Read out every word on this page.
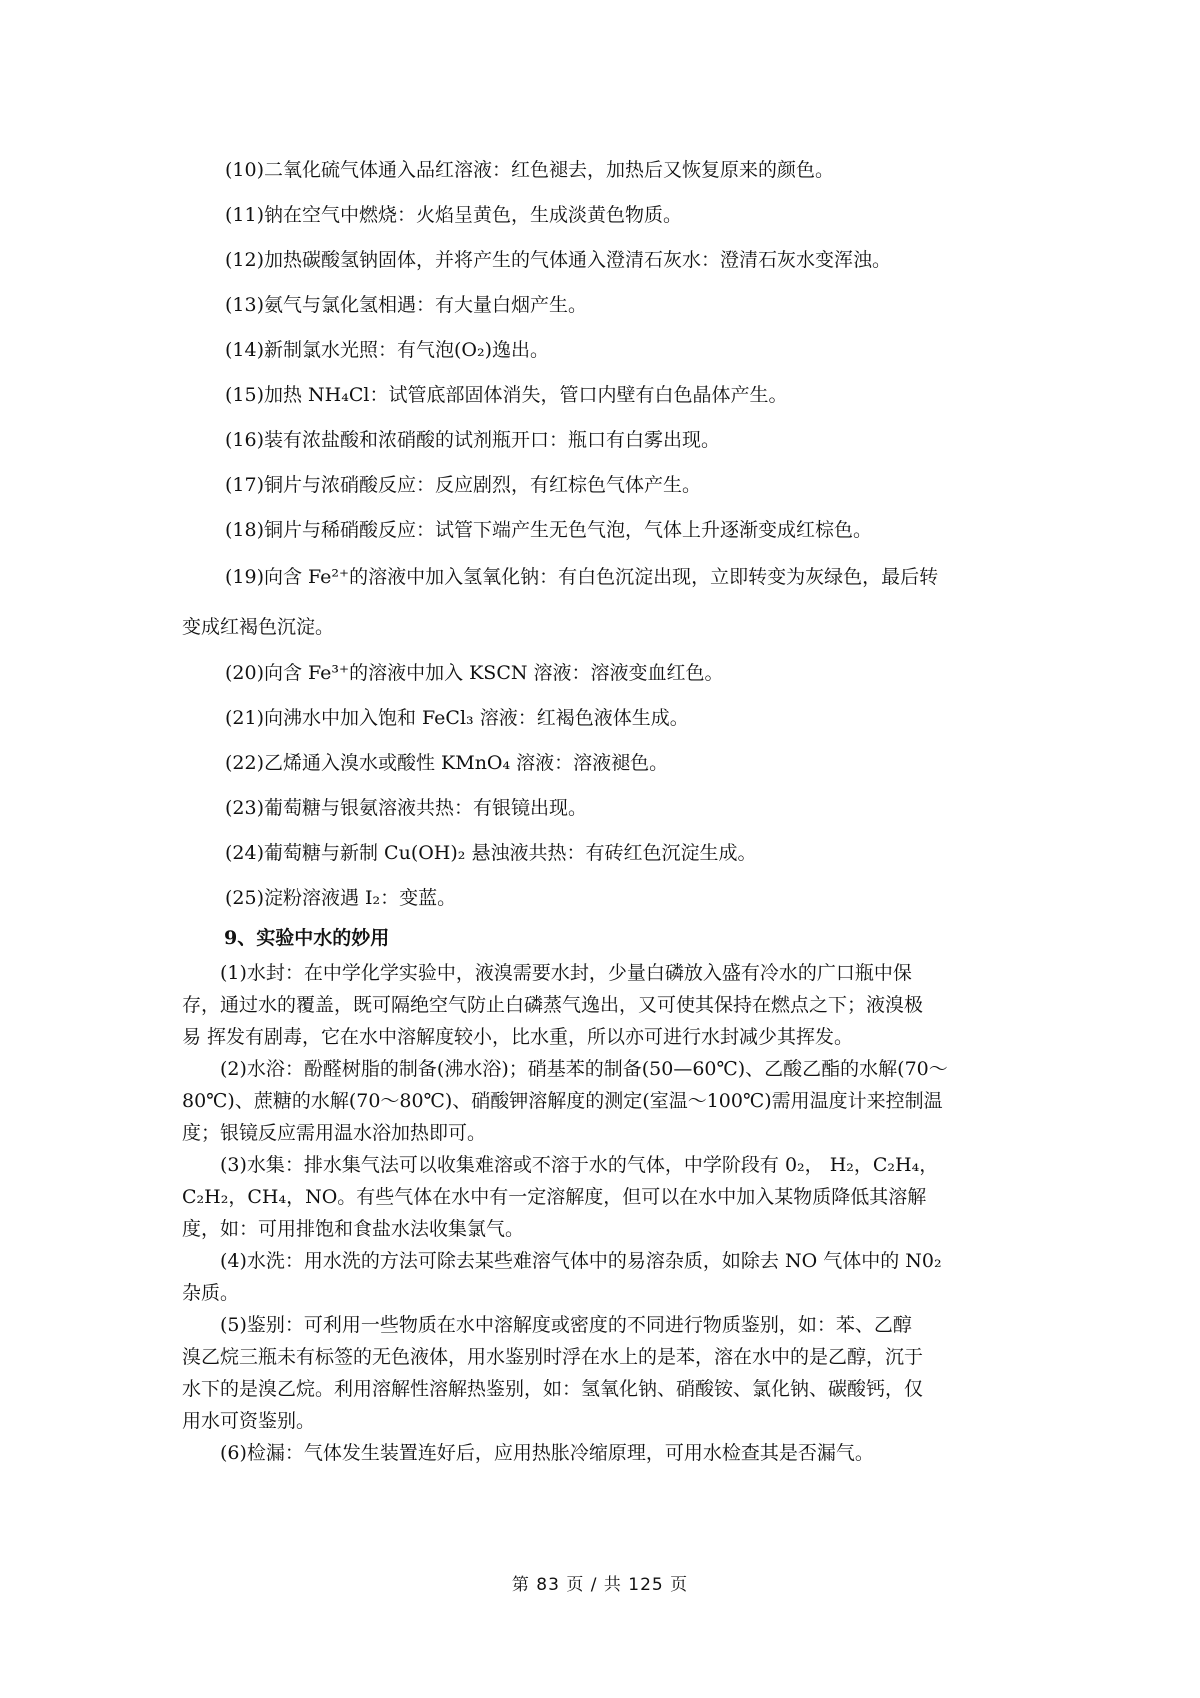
(10)二氧化硫气体通入品红溶液：红色褪去，加热后又恢复原来的颜色。
(11)钠在空气中燃烧：火焰呈黄色，生成淡黄色物质。
(12)加热碳酸氢钠固体，并将产生的气体通入澄清石灰水：澄清石灰水变浑浊。
(13)氨气与氯化氢相遇：有大量白烟产生。
(14)新制氯水光照：有气泡(O₂)逸出。
(15)加热 NH₄Cl：试管底部固体消失，管口内壁有白色晶体产生。
(16)装有浓盐酸和浓硝酸的试剂瓶开口：瓶口有白雾出现。
(17)铜片与浓硝酸反应：反应剧烈，有红棕色气体产生。
(18)铜片与稀硝酸反应：试管下端产生无色气泡，气体上升逐渐变成红棕色。
(19)向含 Fe²⁺的溶液中加入氢氧化钠：有白色沉淀出现，立即转变为灰绿色，最后转
变成红褐色沉淀。
(20)向含 Fe³⁺的溶液中加入 KSCN 溶液：溶液变血红色。
(21)向沸水中加入饱和 FeCl₃ 溶液：红褐色液体生成。
(22)乙烯通入溴水或酸性 KMnO₄ 溶液：溶液褪色。
(23)葡萄糖与银氨溶液共热：有银镜出现。
(24)葡萄糖与新制 Cu(OH)₂ 悬浊液共热：有砖红色沉淀生成。
(25)淀粉溶液遇 I₂：变蓝。
9、实验中水的妙用
(1)水封：在中学化学实验中，液溴需要水封，少量白磷放入盛有冷水的广口瓶中保
存，通过水的覆盖，既可隔绝空气防止白磷蒸气逸出，又可使其保持在燃点之下；液溴极
易 挥发有剧毒，它在水中溶解度较小，比水重，所以亦可进行水封减少其挥发。
(2)水浴：酚醛树脂的制备(沸水浴)；硝基苯的制备(50—60℃)、乙酸乙酯的水解(70～
80℃)、蔗糖的水解(70～80℃)、硝酸钾溶解度的测定(室温～100℃)需用温度计来控制温
度；银镜反应需用温水浴加热即可。
(3)水集：排水集气法可以收集难溶或不溶于水的气体，中学阶段有 0₂， H₂，C₂H₄，
C₂H₂，CH₄，NO。有些气体在水中有一定溶解度，但可以在水中加入某物质降低其溶解
度，如：可用排饱和食盐水法收集氯气。
(4)水洗：用水洗的方法可除去某些难溶气体中的易溶杂质，如除去 NO 气体中的 N0₂
杂质。
(5)鉴别：可利用一些物质在水中溶解度或密度的不同进行物质鉴别，如：苯、乙醇
溴乙烷三瓶未有标签的无色液体，用水鉴别时浮在水上的是苯，溶在水中的是乙醇，沉于
水下的是溴乙烷。利用溶解性溶解热鉴别，如：氢氧化钠、硝酸铵、氯化钠、碳酸钙，仅
用水可资鉴别。
(6)检漏：气体发生装置连好后，应用热胀冷缩原理，可用水检查其是否漏气。
第 83 页 / 共 125 页
